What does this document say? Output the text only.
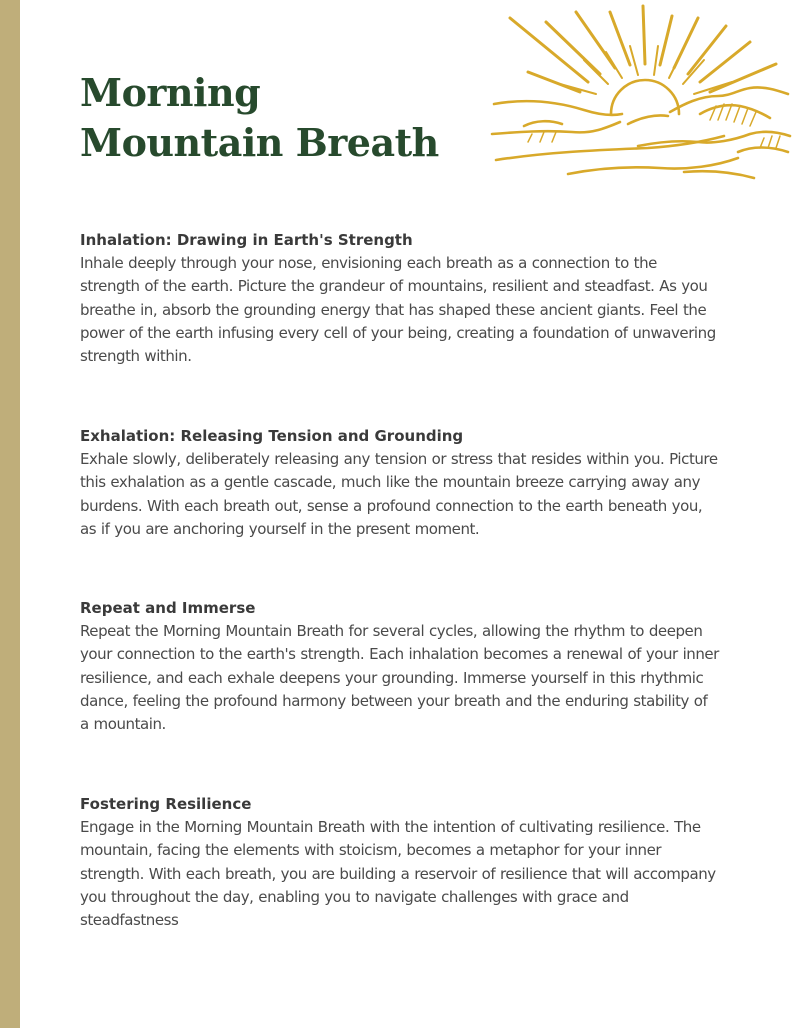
Morning
Mountain Breath
Inhalation: Drawing in Earth's Strength

Inhale deeply through your nose, envisioning each breath as a connection to the strength of the earth. Picture the grandeur of mountains, resilient and steadfast. As you breathe in, absorb the grounding energy that has shaped these ancient giants. Feel the power of the earth infusing every cell of your being, creating a foundation of unwavering strength within.

Exhalation: Releasing Tension and Grounding

Exhale slowly, deliberately releasing any tension or stress that resides within you. Picture this exhalation as a gentle cascade, much like the mountain breeze carrying away any burdens. With each breath out, sense a profound connection to the earth beneath you, as if you are anchoring yourself in the present moment.

Repeat and Immerse

Repeat the Morning Mountain Breath for several cycles, allowing the rhythm to deepen your connection to the earth's strength. Each inhalation becomes a renewal of your inner resilience, and each exhale deepens your grounding. Immerse yourself in this rhythmic dance, feeling the profound harmony between your breath and the enduring stability of a mountain.

Fostering Resilience

Engage in the Morning Mountain Breath with the intention of cultivating resilience. The mountain, facing the elements with stoicism, becomes a metaphor for your inner strength. With each breath, you are building a reservoir of resilience that will accompany you throughout the day, enabling you to navigate challenges with grace and steadfastness
